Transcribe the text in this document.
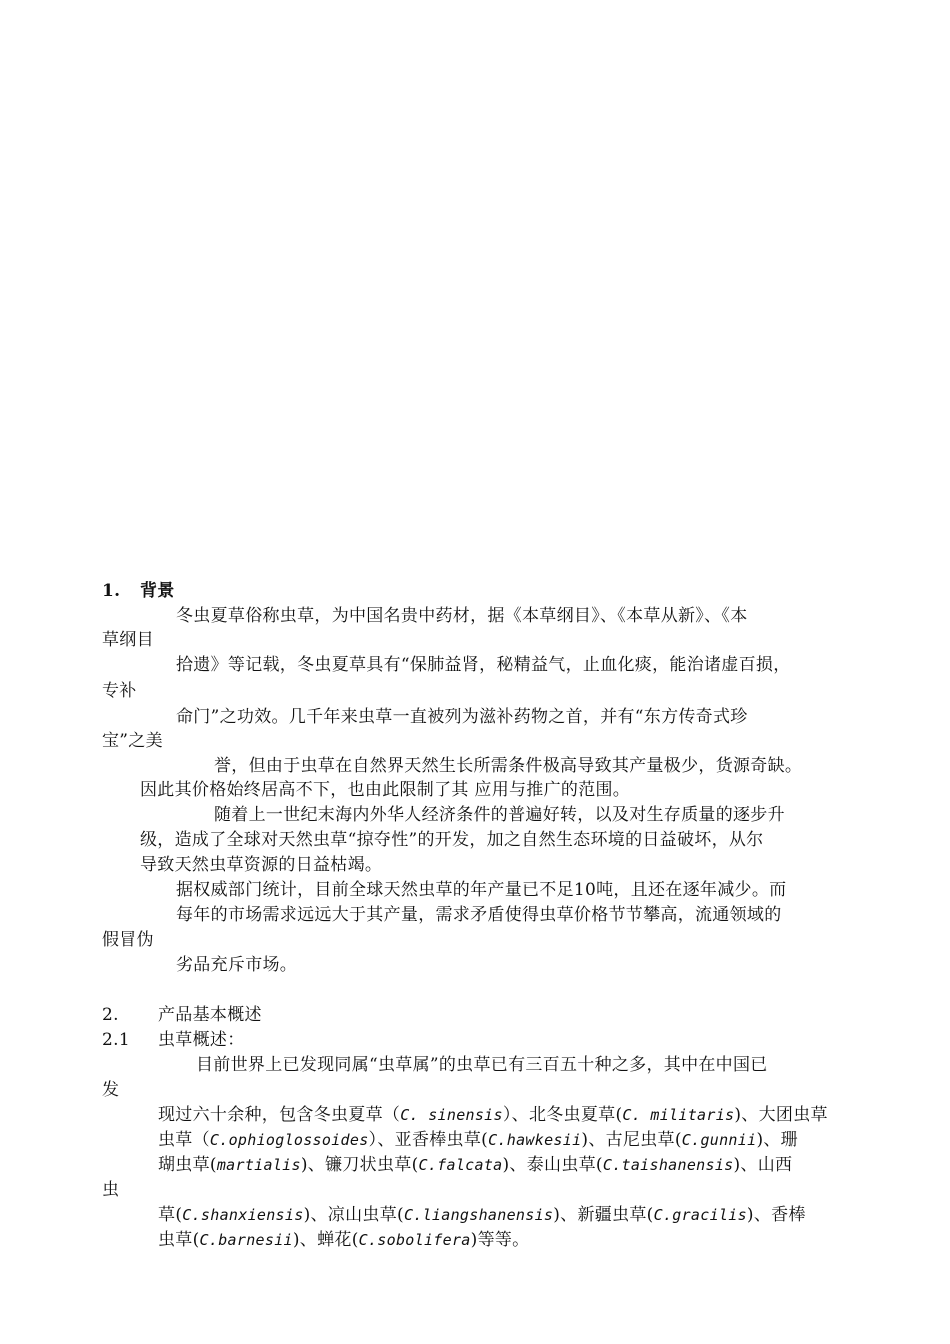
1. 背景
冬虫夏草俗称虫草，为中国名贵中药材，据《本草纲目》、《本草从新》、《本
草纲目
拾遗》等记载，冬虫夏草具有“保肺益肾，秘精益气，止血化痰，能治诸虚百损，
专补
命门”之功效。几千年来虫草一直被列为滋补药物之首，并有“东方传奇式珍
宝”之美
誉，但由于虫草在自然界天然生长所需条件极高导致其产量极少，货源奇缺。
因此其价格始终居高不下，也由此限制了其 应用与推广的范围。
随着上一世纪末海内外华人经济条件的普遍好转，以及对生存质量的逐步升
级，造成了全球对天然虫草“掠夺性”的开发，加之自然生态环境的日益破坏，从尔
导致天然虫草资源的日益枯竭。
据权威部门统计，目前全球天然虫草的年产量已不足10吨，且还在逐年减少。而
每年的市场需求远远大于其产量，需求矛盾使得虫草价格节节攀高，流通领域的
假冒伪
劣品充斥市场。
2. 产品基本概述
2.1 虫草概述：
目前世界上已发现同属“虫草属”的虫草已有三百五十种之多，其中在中国已
发
现过六十余种，包含冬虫夏草（C. sinensis）、北冬虫夏草(C. militaris)、大团虫草
虫草（C.ophioglossoides）、亚香棒虫草(C.hawkesii)、古尼虫草(C.gunnii)、珊
瑚虫草(martialis)、镰刀状虫草(C.falcata)、泰山虫草(C.taishanensis)、山西
虫
草(C.shanxiensis)、凉山虫草(C.liangshanensis)、新疆虫草(C.gracilis)、香棒
虫草(C.barnesii)、蝉花(C.sobolifera)等等。
